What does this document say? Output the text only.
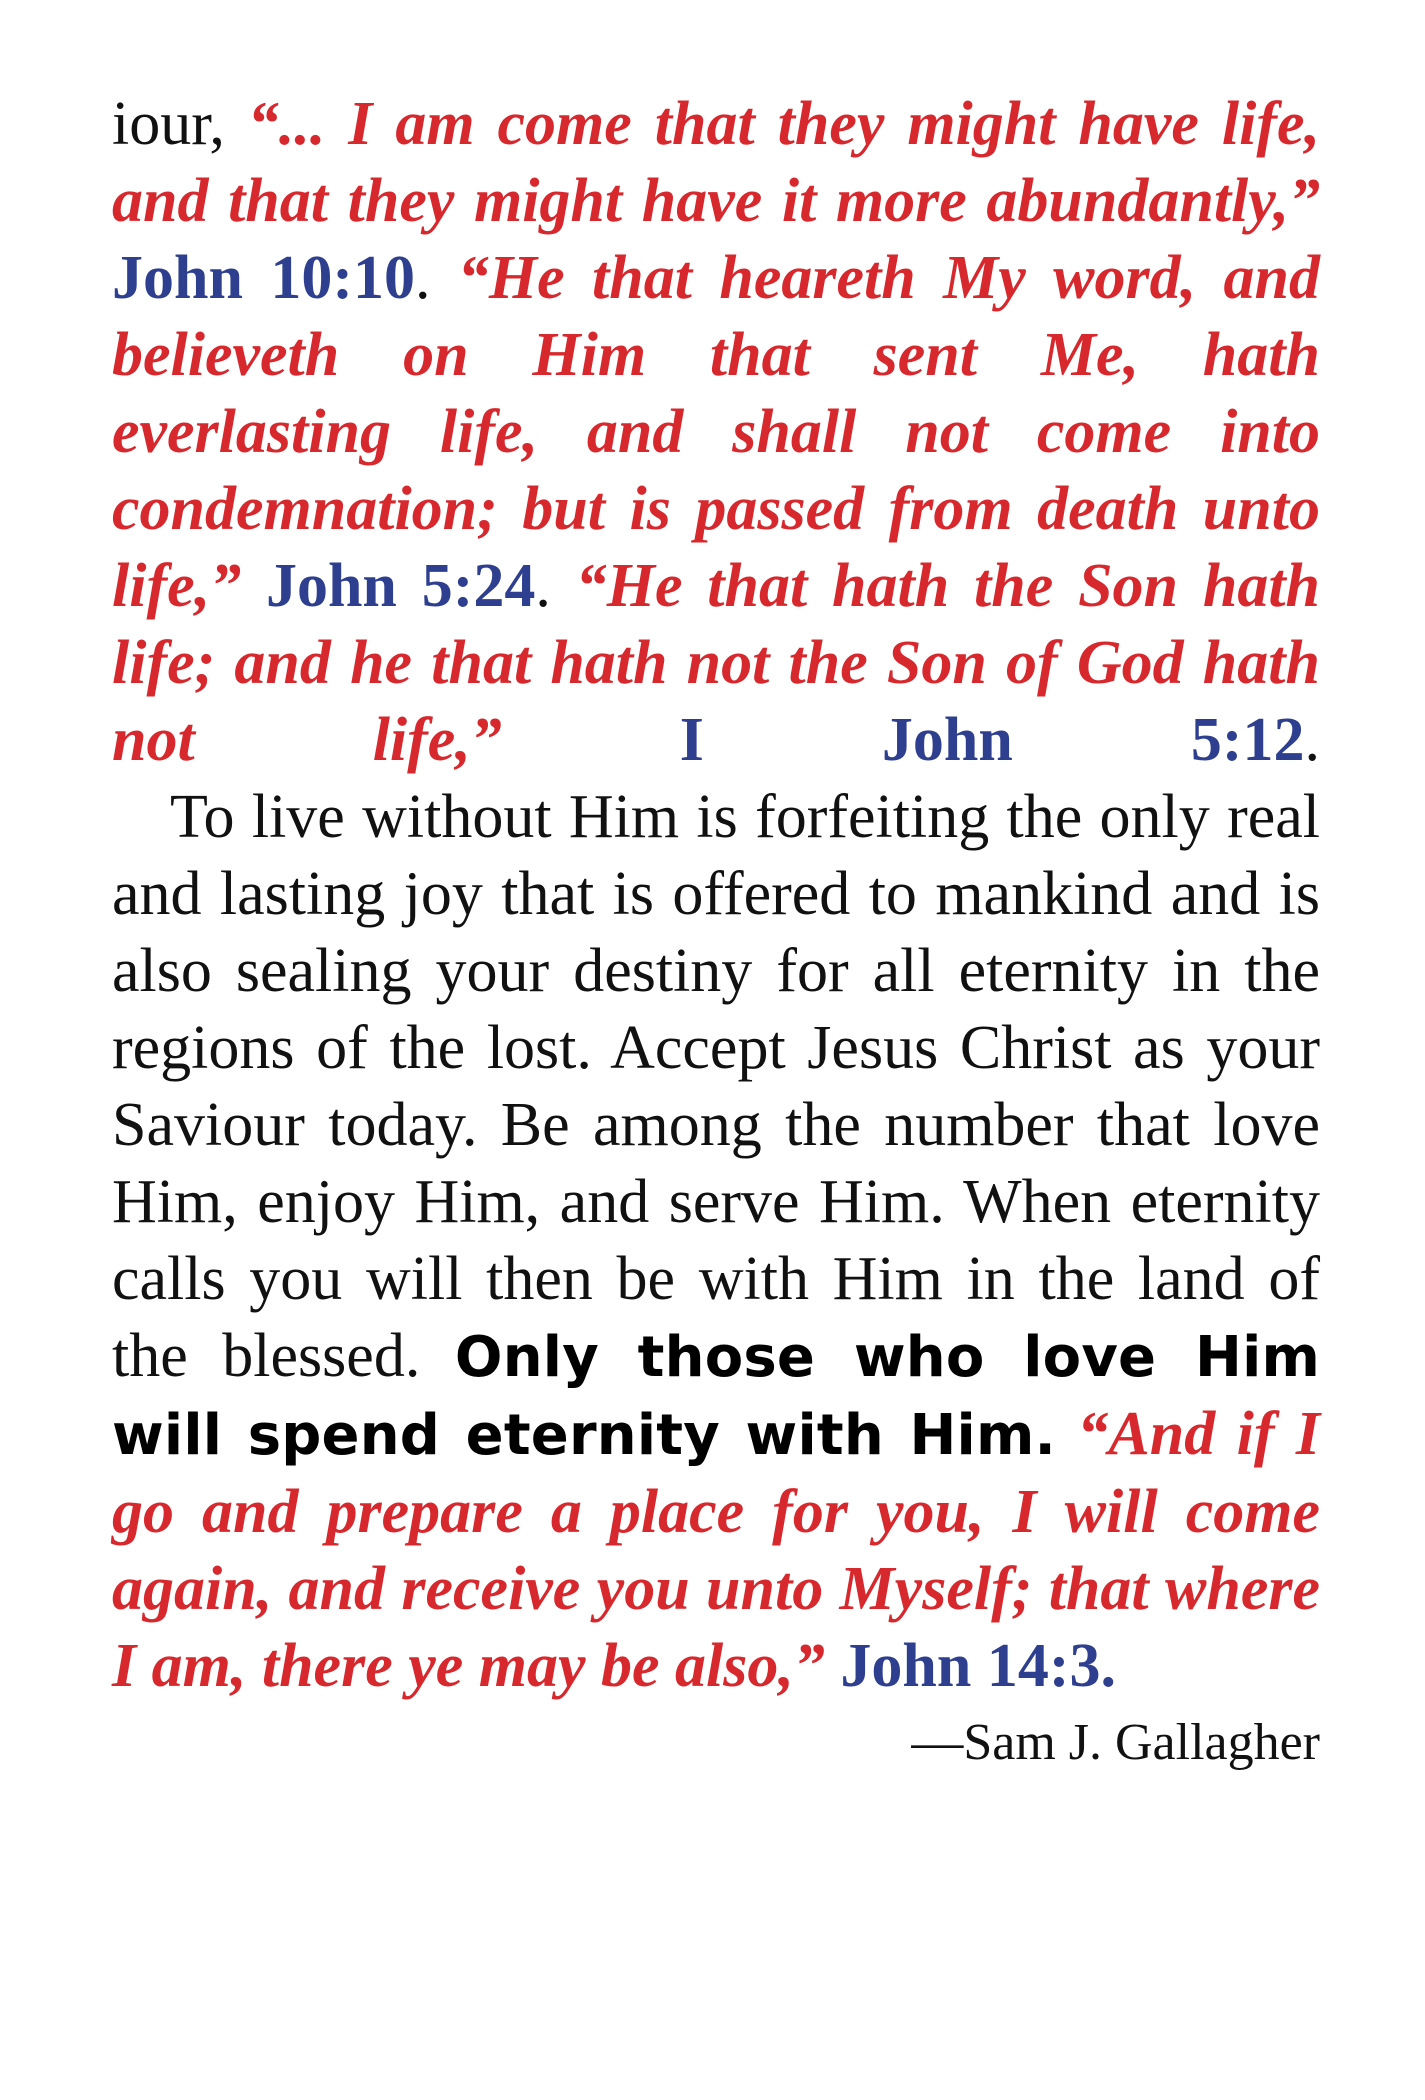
iour, “... I am come that they might have life, and that they might have it more abundantly,” John 10:10. “He that heareth My word, and believeth on Him that sent Me, hath everlasting life, and shall not come into condemnation; but is passed from death unto life,” John 5:24. “He that hath the Son hath life; and he that hath not the Son of God hath not life,”	I John 5:12.

To live without Him is forfeiting the only real and lasting joy that is offered to mankind and is also sealing your destiny for all eternity in the regions of the lost. Accept Jesus Christ as your Saviour today. Be among the number that love Him, enjoy Him, and serve Him. When eternity calls you will then be with Him in the land of the blessed. Only those who love Him will spend eternity with Him. “And if I go and prepare a place for you, I will come again, and receive you unto Myself; that where I am, there ye may be also,” John 14:3.

—Sam J. Gallagher
